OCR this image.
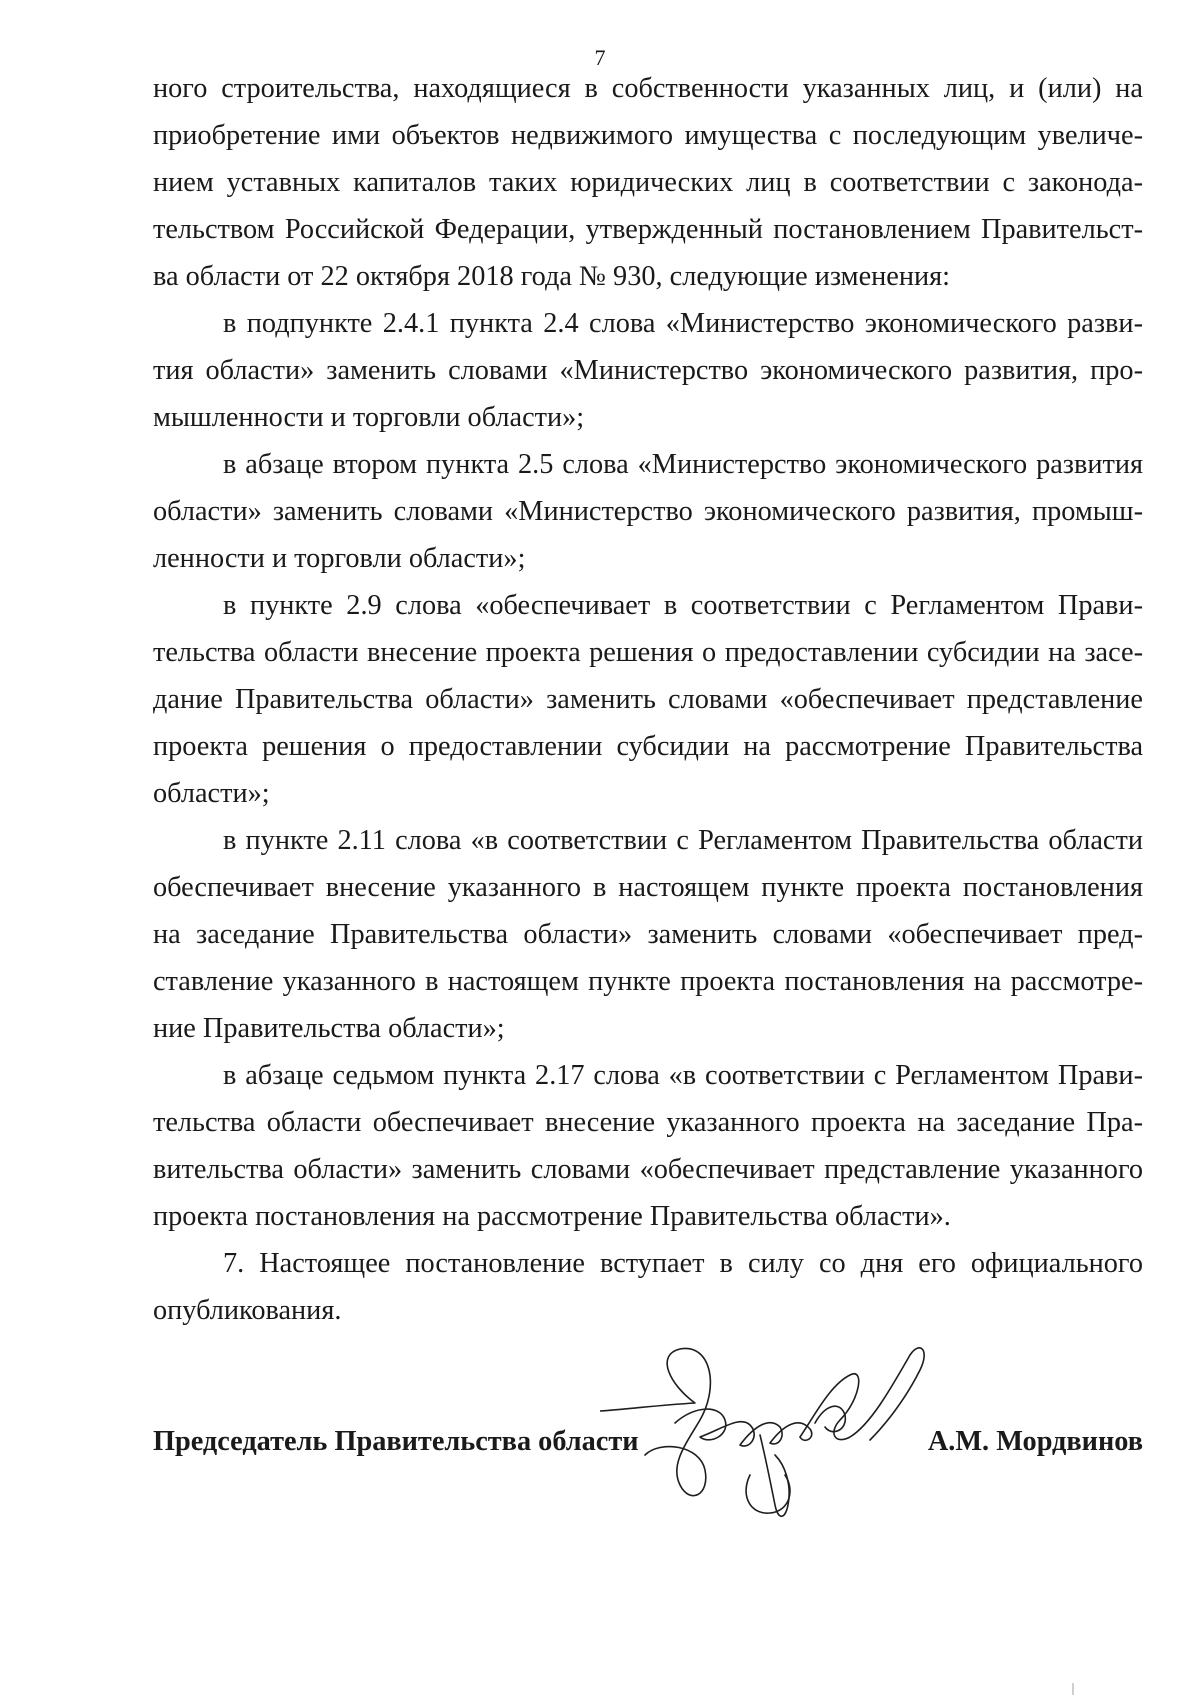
7

ного строительства, находящиеся в собственности указанных лиц, и (или) на приобретение ими объектов недвижимого имущества с последующим увеличением уставных капиталов таких юридических лиц в соответствии с законодательством Российской Федерации, утвержденный постановлением Правительства области от 22 октября 2018 года № 930, следующие изменения:

в подпункте 2.4.1 пункта 2.4 слова «Министерство экономического развития области» заменить словами «Министерство экономического развития, промышленности и торговли области»;

в абзаце втором пункта 2.5 слова «Министерство экономического развития области» заменить словами «Министерство экономического развития, промышленности и торговли области»;

в пункте 2.9 слова «обеспечивает в соответствии с Регламентом Правительства области внесение проекта решения о предоставлении субсидии на заседание Правительства области» заменить словами «обеспечивает представление проекта решения о предоставлении субсидии на рассмотрение Правительства области»;

в пункте 2.11 слова «в соответствии с Регламентом Правительства области обеспечивает внесение указанного в настоящем пункте проекта постановления на заседание Правительства области» заменить словами «обеспечивает представление указанного в настоящем пункте проекта постановления на рассмотрение Правительства области»;

в абзаце седьмом пункта 2.17 слова «в соответствии с Регламентом Правительства области обеспечивает внесение указанного проекта на заседание Правительства области» заменить словами «обеспечивает представление указанного проекта постановления на рассмотрение Правительства области».

7. Настоящее постановление вступает в силу со дня его официального опубликования.

Председатель Правительства области	А.М. Мордвинов
